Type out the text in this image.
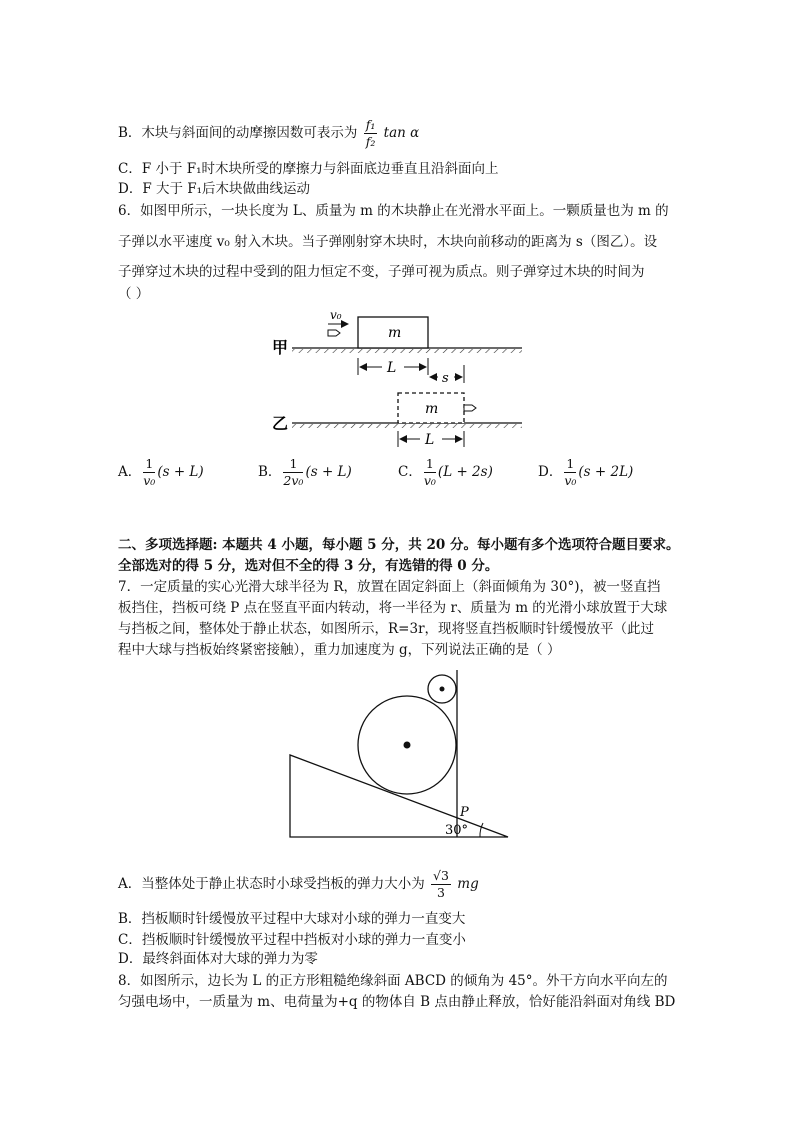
B．木块与斜面间的动摩擦因数可表示为 $\frac{\text{f₁}}{\text{f₂}}$ tan α
C．F 小于 F₁时木块所受的摩擦力与斜面底边垂直且沿斜面向上
D．F 大于 F₁后木块做曲线运动
6．如图甲所示，一块长度为 L、质量为 m 的木块静止在光滑水平面上。一颗质量也为 m 的
子弹以水平速度 v₀ 射入木块。当子弹刚射穿木块时，木块向前移动的距离为 s（图乙）。设
子弹穿过木块的过程中受到的阻力恒定不变，子弹可视为质点。则子弹穿过木块的时间为
（ ）
甲
m
v₀
L
s
乙
m
L
A． $\frac{1}{\text{v₀}} (s + L)$	B． $\frac{1}{\text{2v₀}} (s + L)$	C． $\frac{1}{\text{v₀}} (L + 2s)$	D． $\frac{1}{\text{v₀}} (s + 2L)$
二、多项选择题: 本题共 4 小题，每小题 5 分，共 20 分。每小题有多个选项符合题目要求。
全部选对的得 5 分，选对但不全的得 3 分，有选错的得 0 分。
7．一定质量的实心光滑大球半径为 R，放置在固定斜面上（斜面倾角为 30°)，被一竖直挡
板挡住，挡板可绕 P 点在竖直平面内转动，将一半径为 r、质量为 m 的光滑小球放置于大球
与挡板之间，整体处于静止状态，如图所示，R=3r，现将竖直挡板顺时针缓慢放平（此过
程中大球与挡板始终紧密接触），重力加速度为 g，下列说法正确的是（ ）
P
30°
A．当整体处于静止状态时小球受挡板的弹力大小为 $\frac{√3}{3}$ mg
B．挡板顺时针缓慢放平过程中大球对小球的弹力一直变大
C．挡板顺时针缓慢放平过程中挡板对小球的弹力一直变小
D．最终斜面体对大球的弹力为零
8．如图所示，边长为 L 的正方形粗糙绝缘斜面 ABCD 的倾角为 45°。外干方向水平向左的
匀强电场中，一质量为 m、电荷量为+q 的物体自 B 点由静止释放，恰好能沿斜面对角线 BD
